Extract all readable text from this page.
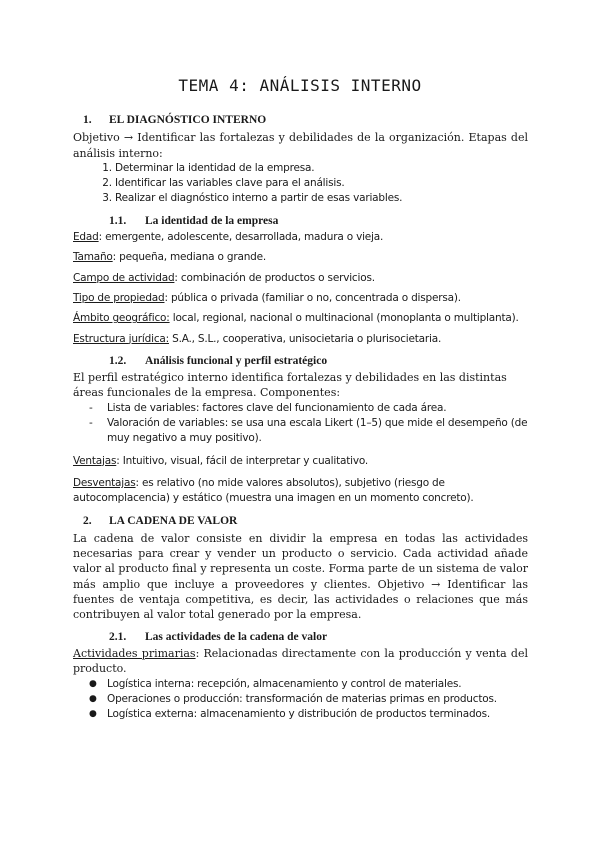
TEMA 4: ANÁLISIS INTERNO
1.	EL DIAGNÓSTICO INTERNO

Objetivo → Identificar las fortalezas y debilidades de la organización. Etapas del análisis interno:

1. Determinar la identidad de la empresa.
2. Identificar las variables clave para el análisis.
3. Realizar el diagnóstico interno a partir de esas variables.
1.1.	La identidad de la empresa

Edad: emergente, adolescente, desarrollada, madura o vieja.

Tamaño: pequeña, mediana o grande.

Campo de actividad: combinación de productos o servicios.

Tipo de propiedad: pública o privada (familiar o no, concentrada o dispersa).

Ámbito geográfico: local, regional, nacional o multinacional (monoplanta o multiplanta).

Estructura jurídica: S.A., S.L., cooperativa, unisocietaria o plurisocietaria.

1.2.	Análisis funcional y perfil estratégico

El perfil estratégico interno identifica fortalezas y debilidades en las distintas áreas funcionales de la empresa. Componentes:

-	Lista de variables: factores clave del funcionamiento de cada área.
-	Valoración de variables: se usa una escala Likert (1–5) que mide el desempeño (de muy negativo a muy positivo).

Ventajas: Intuitivo, visual, fácil de interpretar y cualitativo.

Desventajas: es relativo (no mide valores absolutos), subjetivo (riesgo de autocomplacencia) y estático (muestra una imagen en un momento concreto).

2.	LA CADENA DE VALOR

La cadena de valor consiste en dividir la empresa en todas las actividades necesarias para crear y vender un producto o servicio. Cada actividad añade valor al producto final y representa un coste. Forma parte de un sistema de valor más amplio que incluye a proveedores y clientes. Objetivo → Identificar las fuentes de ventaja competitiva, es decir, las actividades o relaciones que más contribuyen al valor total generado por la empresa.

2.1.	Las actividades de la cadena de valor

Actividades primarias: Relacionadas directamente con la producción y venta del producto.

● Logística interna: recepción, almacenamiento y control de materiales.
● Operaciones o producción: transformación de materias primas en productos.
● Logística externa: almacenamiento y distribución de productos terminados.
